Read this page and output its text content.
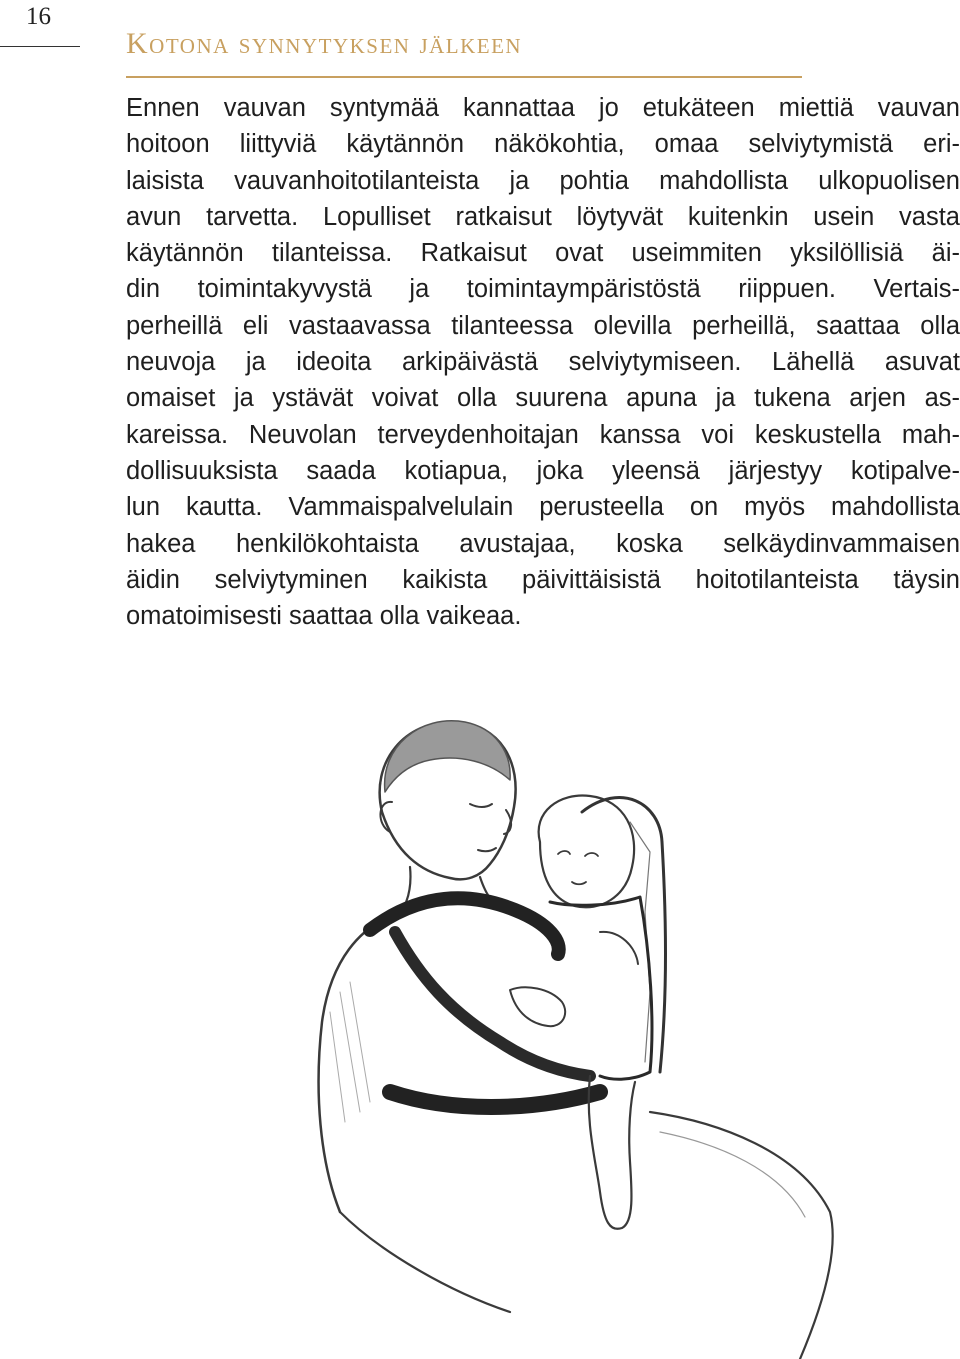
16
Kotona synnytyksen jälkeen
Ennen vauvan syntymää kannattaa jo etukäteen miettiä vauvan
hoitoon liittyviä käytännön näkökohtia, omaa selviytymistä eri-
laisista vauvanhoitotilanteista ja pohtia mahdollista ulkopuolisen
avun tarvetta. Lopulliset ratkaisut löytyvät kuitenkin usein vasta
käytännön tilanteissa. Ratkaisut ovat useimmiten yksilöllisiä äi-
din toimintakyvystä ja toimintaympäristöstä riippuen. Vertais-
perheillä eli vastaavassa tilanteessa olevilla perheillä, saattaa olla
neuvoja ja ideoita arkipäivästä selviytymiseen. Lähellä asuvat
omaiset ja ystävät voivat olla suurena apuna ja tukena arjen as-
kareissa. Neuvolan terveydenhoitajan kanssa voi keskustella mah-
dollisuuksista saada kotiapua, joka yleensä järjestyy kotipalve-
lun kautta. Vammaispalvelulain perusteella on myös mahdollista
hakea henkilökohtaista avustajaa, koska selkäydinvammaisen
äidin selviytyminen kaikista päivittäisistä hoitotilanteista täysin
omatoimisesti saattaa olla vaikeaa.
